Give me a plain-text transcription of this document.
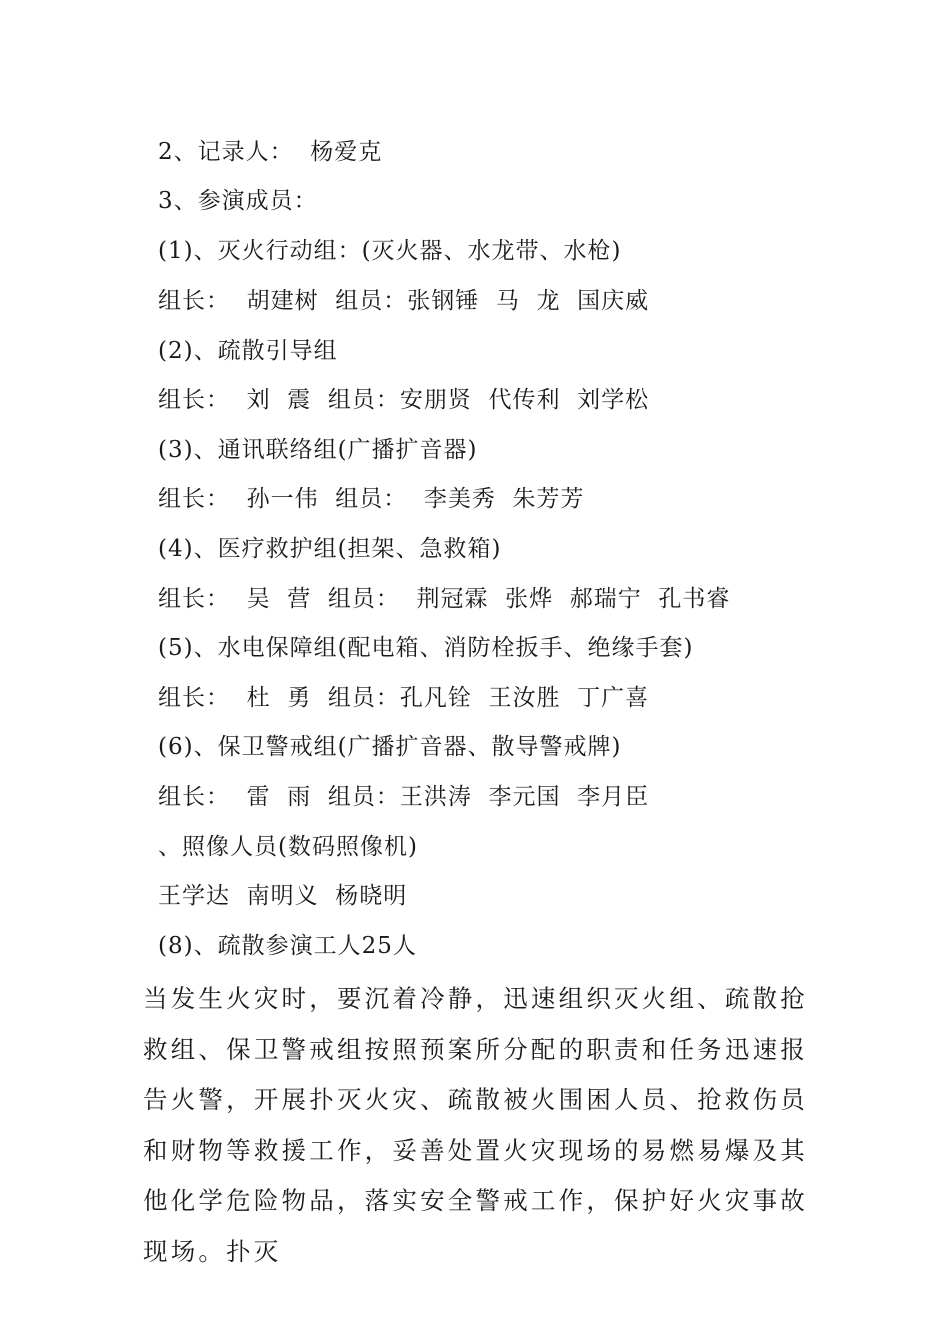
2、记录人：  杨爱克
3、参演成员：
(1)、灭火行动组：(灭火器、水龙带、水枪)
组长：  胡建树  组员：张钢锤  马  龙  国庆威
(2)、疏散引导组
组长：  刘  震  组员：安朋贤  代传利  刘学松
(3)、通讯联络组(广播扩音器)
组长：  孙一伟  组员：  李美秀  朱芳芳
(4)、医疗救护组(担架、急救箱)
组长：  吴  营  组员：  荆冠霖  张烨  郝瑞宁  孔书睿
(5)、水电保障组(配电箱、消防栓扳手、绝缘手套)
组长：  杜  勇  组员：孔凡铨  王汝胜  丁广喜
(6)、保卫警戒组(广播扩音器、散导警戒牌)
组长：  雷  雨  组员：王洪涛  李元国  李月臣
、照像人员(数码照像机)
王学达  南明义  杨晓明
(8)、疏散参演工人25人
当发生火灾时，要沉着冷静，迅速组织灭火组、疏散抢救组、保卫警戒组按照预案所分配的职责和任务迅速报告火警，开展扑灭火灾、疏散被火围困人员、抢救伤员和财物等救援工作，妥善处置火灾现场的易燃易爆及其他化学危险物品，落实安全警戒工作，保护好火灾事故现场。扑灭
